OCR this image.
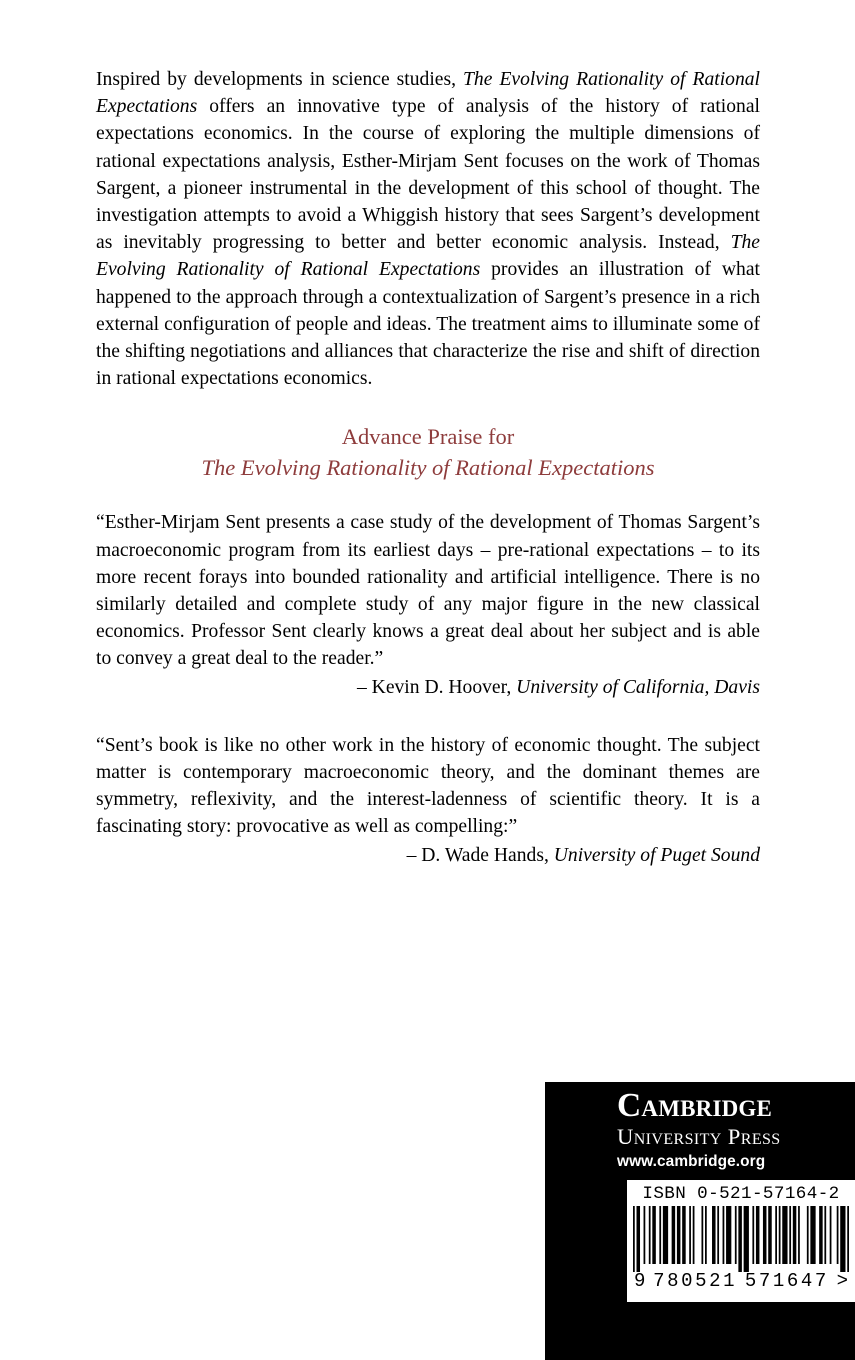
Inspired by developments in science studies, The Evolving Rationality of Rational Expectations offers an innovative type of analysis of the history of rational expectations economics. In the course of exploring the multiple dimensions of rational expectations analysis, Esther-Mirjam Sent focuses on the work of Thomas Sargent, a pioneer instrumental in the development of this school of thought. The investigation attempts to avoid a Whiggish history that sees Sargent’s development as inevitably progressing to better and better economic analysis. Instead, The Evolving Rationality of Rational Expectations provides an illustration of what happened to the approach through a contextualization of Sargent’s presence in a rich external configuration of people and ideas. The treatment aims to illuminate some of the shifting negotiations and alliances that characterize the rise and shift of direction in rational expectations economics.

Advance Praise for
The Evolving Rationality of Rational Expectations

“Esther-Mirjam Sent presents a case study of the development of Thomas Sargent’s macroeconomic program from its earliest days – pre-rational expectations – to its more recent forays into bounded rationality and artificial intelligence. There is no similarly detailed and complete study of any major figure in the new classical economics. Professor Sent clearly knows a great deal about her subject and is able to convey a great deal to the reader.”

– Kevin D. Hoover, University of California, Davis

“Sent’s book is like no other work in the history of economic thought. The subject matter is contemporary macroeconomic theory, and the dominant themes are symmetry, reflexivity, and the interest-ladenness of scientific theory. It is a fascinating story: provocative as well as compelling:”

– D. Wade Hands, University of Puget Sound

Cambridge
University Press
www.cambridge.org
ISBN 0-521-57164-2
9 780521 571647 >
